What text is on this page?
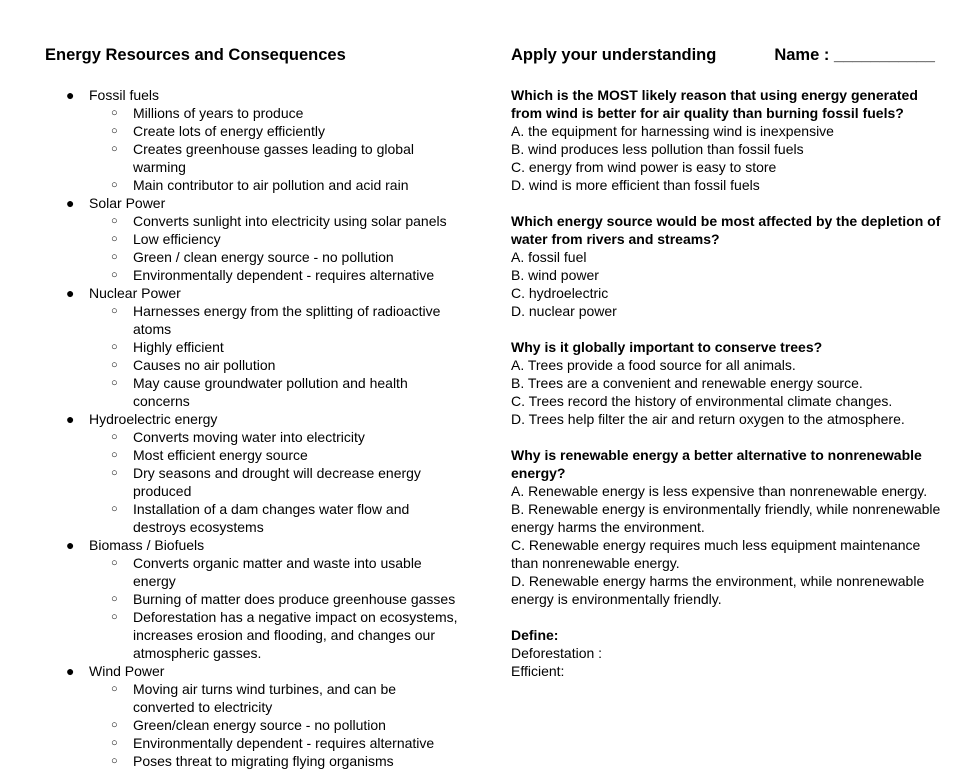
Energy Resources and Consequences
● Fossil fuels
○ Millions of years to produce
○ Create lots of energy efficiently
○ Creates greenhouse gasses leading to global warming
○ Main contributor to air pollution and acid rain
● Solar Power
○ Converts sunlight into electricity using solar panels
○ Low efficiency
○ Green / clean energy source - no pollution
○ Environmentally dependent - requires alternative
● Nuclear Power
○ Harnesses energy from the splitting of radioactive atoms
○ Highly efficient
○ Causes no air pollution
○ May cause groundwater pollution and health concerns
● Hydroelectric energy
○ Converts moving water into electricity
○ Most efficient energy source
○ Dry seasons and drought will decrease energy produced
○ Installation of a dam changes water flow and destroys ecosystems
● Biomass / Biofuels
○ Converts organic matter and waste into usable energy
○ Burning of matter does produce greenhouse gasses
○ Deforestation has a negative impact on ecosystems, increases erosion and flooding, and changes our atmospheric gasses.
● Wind Power
○ Moving air turns wind turbines, and can be converted to electricity
○ Green/clean energy source - no pollution
○ Environmentally dependent - requires alternative
○ Poses threat to migrating flying organisms
Apply your understanding	Name : ___________
Which is the MOST likely reason that using energy generated from wind is better for air quality than burning fossil fuels?
A. the equipment for harnessing wind is inexpensive
B. wind produces less pollution than fossil fuels
C. energy from wind power is easy to store
D. wind is more efficient than fossil fuels
Which energy source would be most affected by the depletion of water from rivers and streams?
A. fossil fuel
B. wind power
C. hydroelectric
D. nuclear power
Why is it globally important to conserve trees?
A. Trees provide a food source for all animals.
B. Trees are a convenient and renewable energy source.
C. Trees record the history of environmental climate changes.
D. Trees help filter the air and return oxygen to the atmosphere.
Why is renewable energy a better alternative to nonrenewable energy?
A. Renewable energy is less expensive than nonrenewable energy.
B. Renewable energy is environmentally friendly, while nonrenewable energy harms the environment.
C. Renewable energy requires much less equipment maintenance than nonrenewable energy.
D. Renewable energy harms the environment, while nonrenewable energy is environmentally friendly.
Define:
Deforestation :
Efficient:
